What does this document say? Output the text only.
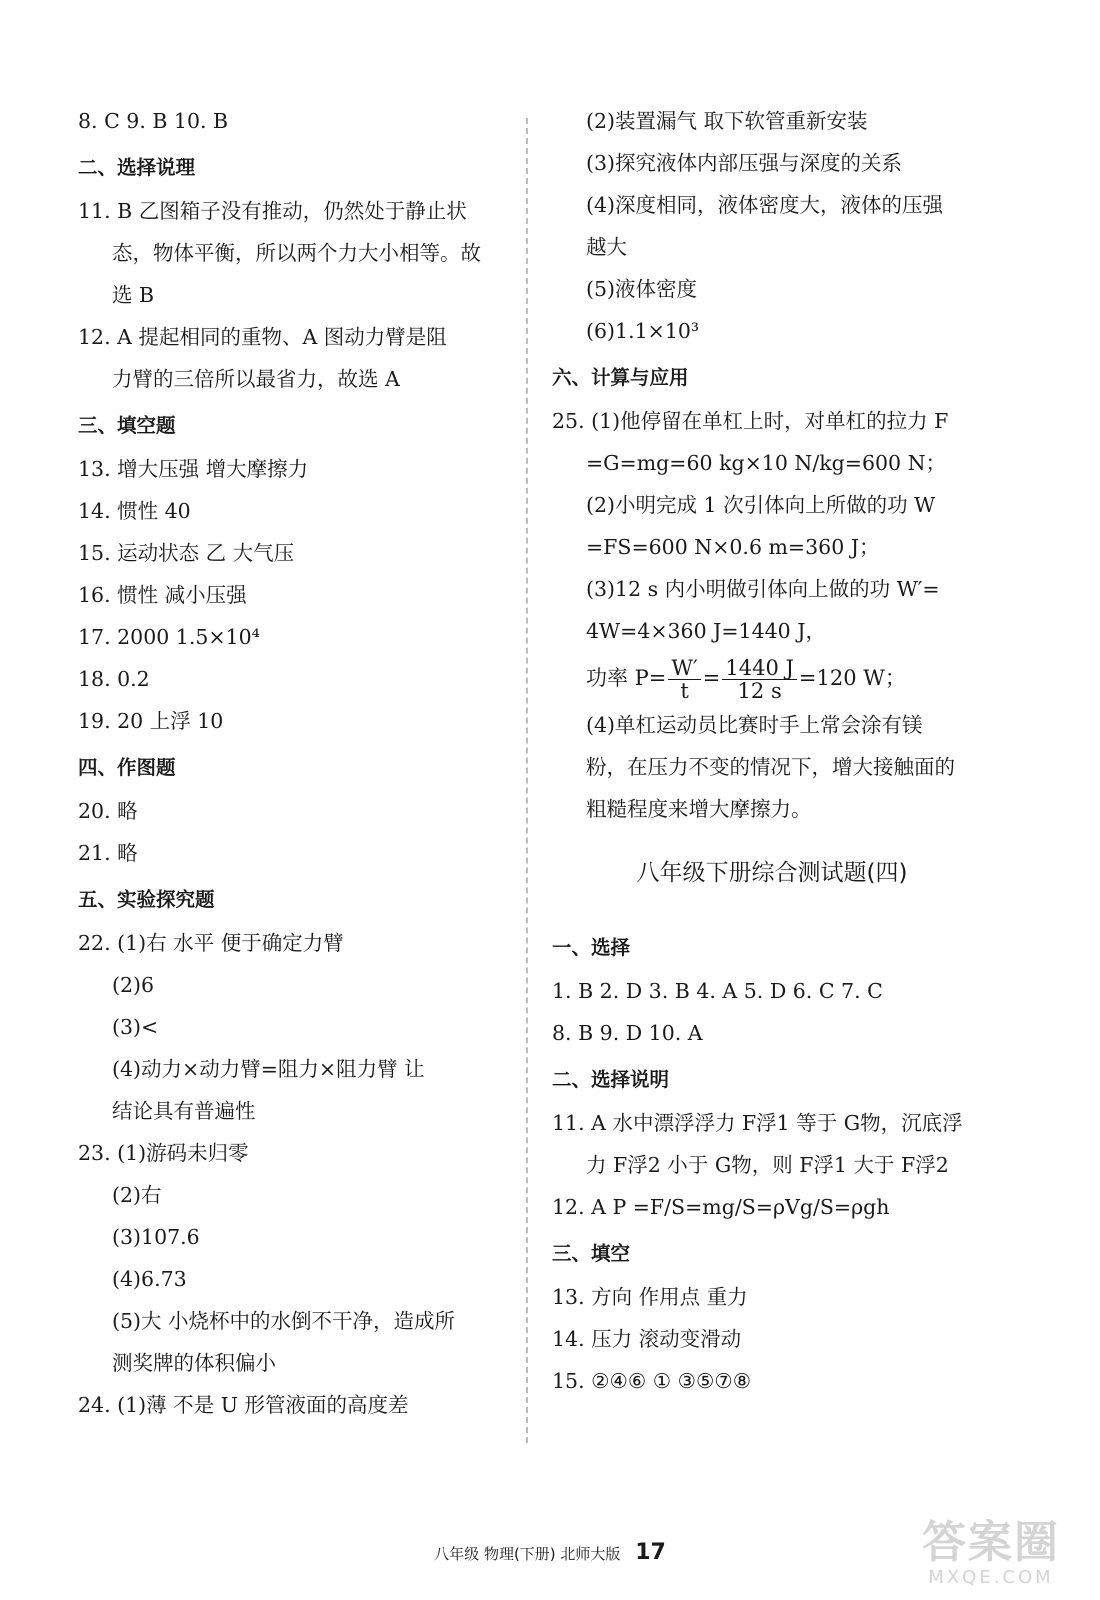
8. C 9. B 10. B
二、选择说理
11. B 乙图箱子没有推动，仍然处于静止状
态，物体平衡，所以两个力大小相等。故
选 B
12. A 提起相同的重物、A 图动力臂是阻
力臂的三倍所以最省力，故选 A
三、填空题
13. 增大压强 增大摩擦力
14. 惯性 40
15. 运动状态 乙 大气压
16. 惯性 减小压强
17. 2000 1.5×10⁴
18. 0.2
19. 20 上浮 10
四、作图题
20. 略
21. 略
五、实验探究题
22. (1)右 水平 便于确定力臂
(2)6
(3)<
(4)动力×动力臂=阻力×阻力臂 让
结论具有普遍性
23. (1)游码未归零
(2)右
(3)107.6
(4)6.73
(5)大 小烧杯中的水倒不干净，造成所
测奖牌的体积偏小
24. (1)薄 不是 U 形管液面的高度差
(2)装置漏气 取下软管重新安装
(3)探究液体内部压强与深度的关系
(4)深度相同，液体密度大，液体的压强
越大
(5)液体密度
(6)1.1×10³
六、计算与应用
25. (1)他停留在单杠上时，对单杠的拉力 F
=G=mg=60 kg×10 N/kg=600 N；
(2)小明完成 1 次引体向上所做的功 W
=FS=600 N×0.6 m=360 J；
(3)12 s 内小明做引体向上做的功 W′=
4W=4×360 J=1440 J，
功率 $P= \frac{W'}{t} = \frac{1440 J}{12 s} =120$ W；
(4)单杠运动员比赛时手上常会涂有镁
粉，在压力不变的情况下，增大接触面的
粗糙程度来增大摩擦力。
八年级下册综合测试题(四)
一、选择
1. B 2. D 3. B 4. A 5. D 6. C 7. C
8. B 9. D 10. A
二、选择说明
11. A 水中漂浮浮力 F浮1 等于 G物，沉底浮
力 F浮2 小于 G物，则 F浮1 大于 F浮2
12. A P =F/S=mg/S=ρVg/S=ρgh
三、填空
13. 方向 作用点 重力
14. 压力 滚动变滑动
15. ②④⑥ ① ③⑤⑦⑧
八年级 物理(下册) 北师大版 17	答案圈
MXQE.COM
